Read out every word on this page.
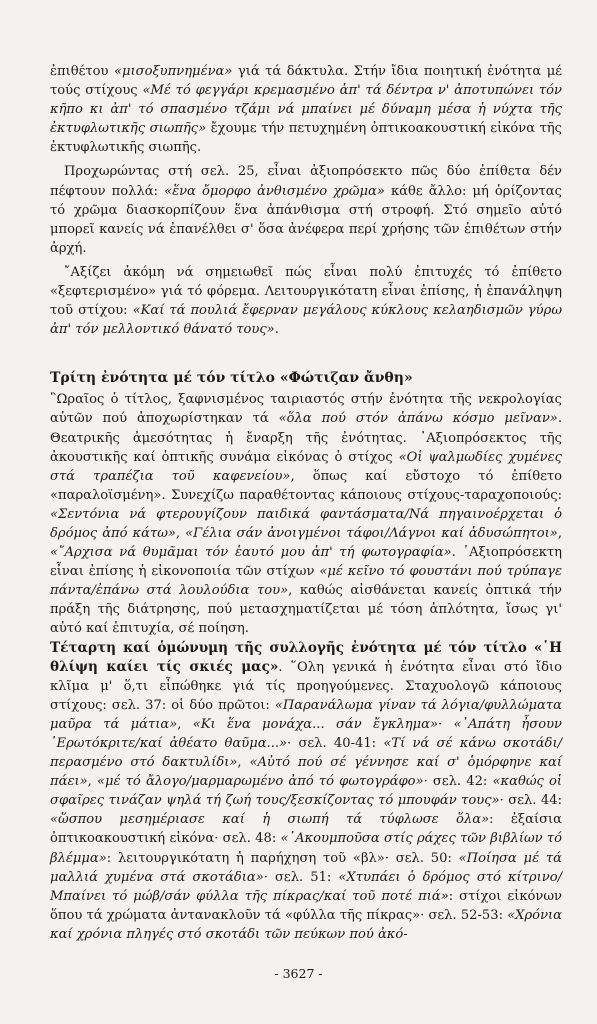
ἐπιθέτου «μισοξυπνημένα» γιά τά δάκτυλα. Στήν ἴδια ποιητική ἐνότητα μέ τούς στίχους «Μέ τό φεγγάρι κρεμασμένο ἀπ' τά δέντρα ν' ἀποτυπώνει τόν κῆπο κι ἀπ' τό σπασμένο τζάμι νά μπαίνει μέ δύναμη μέσα ἡ νύχτα τῆς ἐκτυφλωτικῆς σιωπῆς» ἔχουμε τήν πετυχημένη ὀπτικοακουστική εἰκόνα τῆς ἐκτυφλωτικῆς σιωπῆς.

Προχωρώντας στή σελ. 25, εἶναι ἀξιοπρόσεκτο πῶς δύο ἐπίθετα δέν πέφτουν πολλά: «ἕνα ὄμορφο ἀνθισμένο χρῶμα» κάθε ἄλλο: μή ὁρίζοντας τό χρῶμα διασκορπίζουν ἕνα ἀπάνθισμα στή στροφή. Στό σημεῖο αὐτό μπορεῖ κανείς νά ἐπανέλθει σ' ὅσα ἀνέφερα περί χρήσης τῶν ἐπιθέτων στήν ἀρχή.

῎Αξίζει ἀκόμη νά σημειωθεῖ πώς εἶναι πολύ ἐπιτυχές τό ἐπίθετο «ξεφτερισμένο» γιά τό φόρεμα. Λειτουργικότατη εἶναι ἐπίσης, ἡ ἐπανάληψη τοῦ στίχου: «Καί τά πουλιά ἔφερναν μεγάλους κύκλους κελαηδισμῶν γύρω ἀπ' τόν μελλοντικό θάνατό τους».

Τρίτη ἐνότητα μέ τόν τίτλο «Φώτιζαν ἄνθη»

῝Ωραῖος ὁ τίτλος, ξαφνισμένος ταιριαστός στήν ἐνότητα τῆς νεκρολογίας αὐτῶν πού ἀποχωρίστηκαν τά «ὅλα πού στόν ἀπάνω κόσμο μεῖναν». Θεατρικῆς ἀμεσότητας ἡ ἔναρξη τῆς ἐνότητας. ᾿Αξιοπρόσεκτος τῆς ἀκουστικῆς καί ὀπτικῆς συνάμα εἰκόνας ὁ στίχος «Οἱ ψαλμωδίες χυμένες στά τραπέζια τοῦ καφενείου», ὅπως καί εὔστοχο τό ἐπίθετο «παραλοϊσμένη». Συνεχίζω παραθέτοντας κάποιους στίχους-ταραχοποιούς: «Σεντόνια νά φτερουγίζουν παιδικά φαντάσματα/Νά πηγαινοέρχεται ὁ δρόμος ἀπό κάτω», «Γέλια σάν ἀνοιγμένοι τάφοι/Λάγνοι καί ἀδυσώπητοι», «῎Αρχισα νά θυμᾶμαι τόν ἑαυτό μου ἀπ' τή φωτογραφία». ᾿Αξιοπρόσεκτη εἶναι ἐπίσης ἡ εἰκονοποιία τῶν στίχων «μέ κεῖνο τό φουστάνι πού τρύπαγε πάντα/ἐπάνω στά λουλούδια του», καθώς αἰσθάνεται κανείς ὀπτικά τήν πράξη τῆς διάτρησης, πού μετασχηματίζεται μέ τόση ἁπλότητα, ἴσως γι' αὐτό καί ἐπιτυχία, σέ ποίηση.

Τέταρτη καί ὁμώνυμη τῆς συλλογῆς ἐνότητα μέ τόν τίτλο «῾Η θλίψη καίει τίς σκιές μας». ῞Ολη γενικά ἡ ἐνότητα εἶναι στό ἴδιο κλῖμα μ' ὅ,τι εἶπώθηκε γιά τίς προηγούμενες. Σταχυολογῶ κάποιους στίχους: σελ. 37: οἱ δύο πρῶτοι: «Παρανάλωμα γίναν τά λόγια/φυλλώματα μαῦρα τά μάτια», «Κι ἕνα μονάχα... σάν ἔγκλημα»· «᾿Απάτη ἦσουν ᾿Ερωτόκριτε/καί ἀθέατο θαῦμα...»· σελ. 40-41: «Τί νά σέ κάνω σκοτάδι/περασμένο στό δακτυλίδι», «Αὐτό πού σέ γέννησε καί σ' ὁμόρφηνε καί πάει», «μέ τό ἄλογο/μαρμαρωμένο ἀπό τό φωτογράφο»· σελ. 42: «καθώς οἱ σφαῖρες τινάζαν ψηλά τή ζωή τους/ξεσκίζοντας τό μπουφάν τους»· σελ. 44: «ὥσπου μεσημέριασε καί ἡ σιωπή τά τύφλωσε ὅλα»: ἐξαίσια ὀπτικοακουστική εἰκόνα· σελ. 48: «᾿Ακουμποῦσα στίς ράχες τῶν βιβλίων τό βλέμμα»: λειτουργικότατη ἡ παρήχηση τοῦ «βλ»· σελ. 50: «Ποίησα μέ τά μαλλιά χυμένα στά σκοτάδια»· σελ. 51: «Χτυπάει ὁ δρόμος στό κίτρινο/Μπαίνει τό μώβ/σάν φύλλα τῆς πίκρας/καί τοῦ ποτέ πιά»: στίχοι εἰκόνων ὅπου τά χρώματα ἀντανακλοῦν τά «φύλλα τῆς πίκρας»· σελ. 52-53: «Χρόνια καί χρόνια πληγές στό σκοτάδι τῶν πεύκων πού ἀκό-

- 3627 -
